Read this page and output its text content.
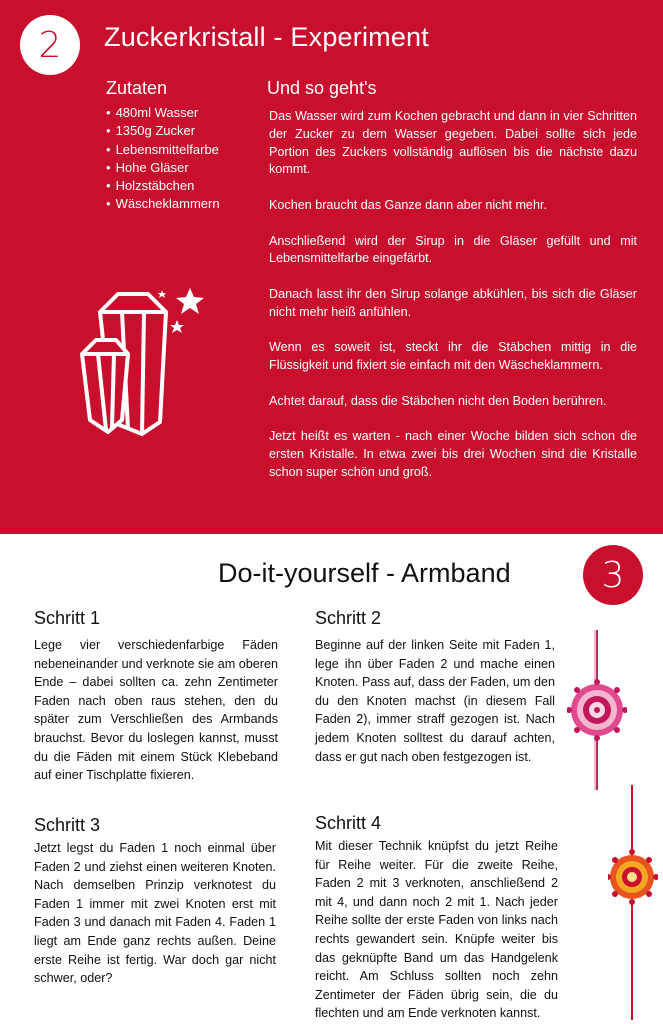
2 Zuckerkristall - Experiment
Zutaten
• 480ml Wasser
• 1350g Zucker
• Lebensmittelfarbe
• Hohe Gläser
• Holzstäbchen
• Wäscheklammern
Und so geht's

Das Wasser wird zum Kochen gebracht und dann in vier Schritten der Zucker zu dem Wasser gegeben. Dabei sollte sich jede Portion des Zuckers vollständig auflösen bis die nächste dazu kommt.

Kochen braucht das Ganze dann aber nicht mehr.

Anschließend wird der Sirup in die Gläser gefüllt und mit Lebensmittelfarbe eingefärbt.

Danach lasst ihr den Sirup solange abkühlen, bis sich die Gläser nicht mehr heiß anfühlen.

Wenn es soweit ist, steckt ihr die Stäbchen mittig in die Flüssigkeit und fixiert sie einfach mit den Wäscheklammern.

Achtet darauf, dass die Stäbchen nicht den Boden berühren.

Jetzt heißt es warten - nach einer Woche bilden sich schon die ersten Kristalle. In etwa zwei bis drei Wochen sind die Kristalle schon super schön und groß.

Do-it-yourself - Armband	3
Schritt 1

Lege vier verschiedenfarbige Fäden nebeneinander und verknote sie am oberen Ende – dabei sollten ca. zehn Zentimeter Faden nach oben raus stehen, den du später zum Verschließen des Armbands brauchst. Bevor du loslegen kannst, musst du die Fäden mit einem Stück Klebeband auf einer Tischplatte fixieren.

Schritt 2

Beginne auf der linken Seite mit Faden 1, lege ihn über Faden 2 und mache einen Knoten. Pass auf, dass der Faden, um den du den Knoten machst (in diesem Fall Faden 2), immer straff gezogen ist. Nach jedem Knoten solltest du darauf achten, dass er gut nach oben festgezogen ist.

Schritt 3

Jetzt legst du Faden 1 noch einmal über Faden 2 und ziehst einen weiteren Knoten. Nach demselben Prinzip verknotest du Faden 1 immer mit zwei Knoten erst mit Faden 3 und danach mit Faden 4. Faden 1 liegt am Ende ganz rechts außen. Deine erste Reihe ist fertig. War doch gar nicht schwer, oder?

Schritt 4

Mit dieser Technik knüpfst du jetzt Reihe für Reihe weiter. Für die zweite Reihe, Faden 2 mit 3 verknoten, anschließend 2 mit 4, und dann noch 2 mit 1. Nach jeder Reihe sollte der erste Faden von links nach rechts gewandert sein. Knüpfe weiter bis das geknüpfte Band um das Handgelenk reicht. Am Schluss sollten noch zehn Zentimeter der Fäden übrig sein, die du flechten und am Ende verknoten kannst.
